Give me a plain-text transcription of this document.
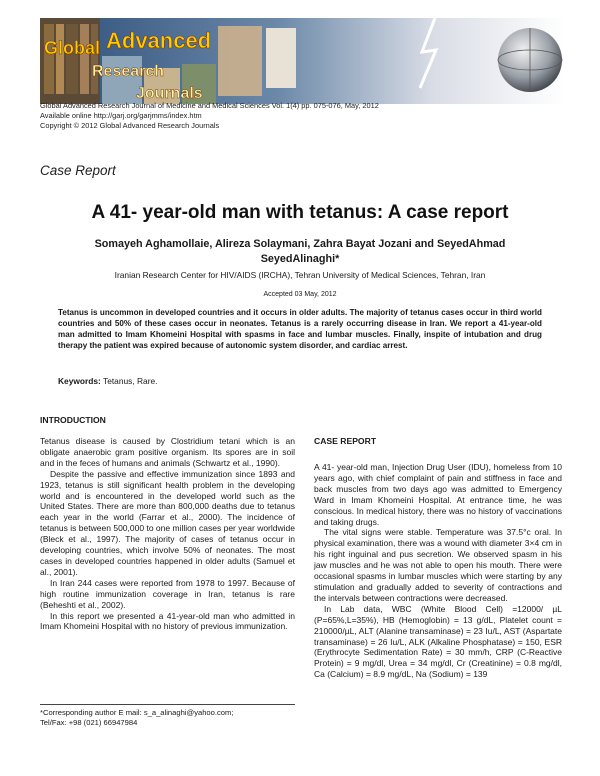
Global Advanced
Research
Journals
Global Advanced Research Journal of Medicine and Medical Sciences Vol. 1(4) pp. 075-076, May, 2012
Available online http://garj.org/garjmms/index.htm
Copyright © 2012 Global Advanced Research Journals
Case Report
A 41- year-old man with tetanus: A case report
Somayeh Aghamollaie, Alireza Solaymani, Zahra Bayat Jozani and SeyedAhmad
SeyedAlinaghi*
Iranian Research Center for HIV/AIDS (IRCHA), Tehran University of Medical Sciences, Tehran, Iran
Accepted 03 May, 2012
Tetanus is uncommon in developed countries and it occurs in older adults. The majority of tetanus cases occur in third world countries and 50% of these cases occur in neonates. Tetanus is a rarely occurring disease in Iran. We report a 41-year-old man admitted to Imam Khomeini Hospital with spasms in face and lumbar muscles. Finally, inspite of intubation and drug therapy the patient was expired because of autonomic system disorder, and cardiac arrest.
Keywords: Tetanus, Rare.
INTRODUCTION

Tetanus disease is caused by Clostridium tetani which is an obligate anaerobic gram positive organism. Its spores are in soil and in the feces of humans and animals (Schwartz et al., 1990).

Despite the passive and effective immunization since 1893 and 1923, tetanus is still significant health problem in the developing world and is encountered in the developed world such as the United States. There are more than 800,000 deaths due to tetanus each year in the world (Farrar et al., 2000). The incidence of tetanus is between 500,000 to one million cases per year worldwide (Bleck et al., 1997). The majority of cases of tetanus occur in developing countries, which involve 50% of neonates. The most cases in developed countries happened in older adults (Samuel et al., 2001).

In Iran 244 cases were reported from 1978 to 1997. Because of high routine immunization coverage in Iran, tetanus is rare (Beheshti et al., 2002).

In this report we presented a 41-year-old man who admitted in Imam Khomeini Hospital with no history of previous immunization.

*Corresponding author E mail: s_a_alinaghi@yahoo.com;
Tel/Fax: +98 (021) 66947984
CASE REPORT

A 41- year-old man, Injection Drug User (IDU), homeless from 10 years ago, with chief complaint of pain and stiffness in face and back muscles from two days ago was admitted to Emergency Ward in Imam Khomeini Hospital. At entrance time, he was conscious. In medical history, there was no history of vaccinations and taking drugs.

The vital signs were stable. Temperature was 37.5°c oral. In physical examination, there was a wound with diameter 3×4 cm in his right inguinal and pus secretion. We observed spasm in his jaw muscles and he was not able to open his mouth. There were occasional spasms in lumbar muscles which were starting by any stimulation and gradually added to severity of contractions and the intervals between contractions were decreased.

In Lab data, WBC (White Blood Cell) =12000/ µL (P=65%,L=35%), HB (Hemoglobin) = 13 g/dL, Platelet count = 210000/µL, ALT (Alanine transaminase) = 23 Iu/L, AST (Aspartate transaminase) = 26 Iu/L, ALK (Alkaline Phosphatase) = 150, ESR (Erythrocyte Sedimentation Rate) = 30 mm/h, CRP (C-Reactive Protein) = 9 mg/dl, Urea = 34 mg/dl, Cr (Creatinine) = 0.8 mg/dl, Ca (Calcium) = 8.9 mg/dL, Na (Sodium) = 139
